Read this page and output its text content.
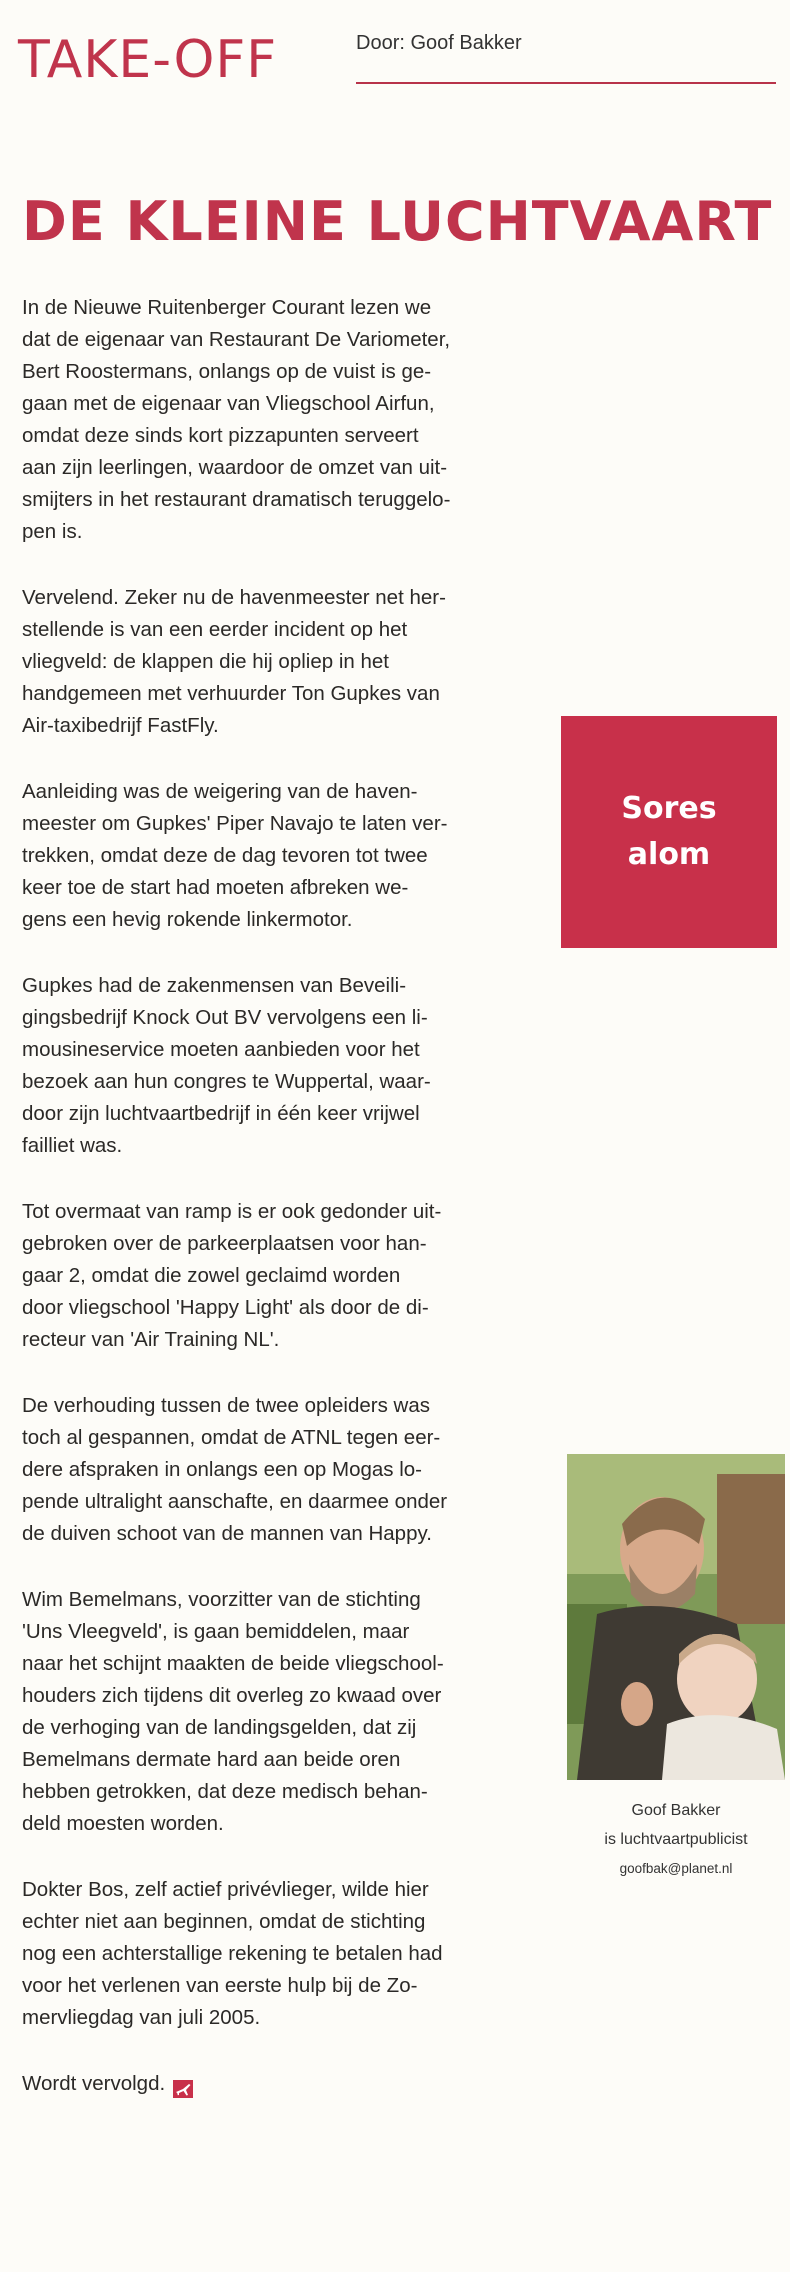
TAKE-OFF	Door: Goof Bakker
DE KLEINE LUCHTVAART

In de Nieuwe Ruitenberger Courant lezen we
dat de eigenaar van Restaurant De Variometer,
Bert Roostermans, onlangs op de vuist is ge-
gaan met de eigenaar van Vliegschool Airfun,
omdat deze sinds kort pizzapunten serveert
aan zijn leerlingen, waardoor de omzet van uit-
smijters in het restaurant dramatisch teruggelo-
pen is.

Vervelend. Zeker nu de havenmeester net her-
stellende is van een eerder incident op het
vliegveld: de klappen die hij opliep in het
handgemeen met verhuurder Ton Gupkes van
Air-taxibedrijf FastFly.

Aanleiding was de weigering van de haven-
meester om Gupkes' Piper Navajo te laten ver-
trekken, omdat deze de dag tevoren tot twee
keer toe de start had moeten afbreken we-
gens een hevig rokende linkermotor.

Gupkes had de zakenmensen van Beveili-
gingsbedrijf Knock Out BV vervolgens een li-
mousineservice moeten aanbieden voor het
bezoek aan hun congres te Wuppertal, waar-
door zijn luchtvaartbedrijf in één keer vrijwel
failliet was.

Tot overmaat van ramp is er ook gedonder uit-
gebroken over de parkeerplaatsen voor han-
gaar 2, omdat die zowel geclaimd worden
door vliegschool 'Happy Light' als door de di-
recteur van 'Air Training NL'.

De verhouding tussen de twee opleiders was
toch al gespannen, omdat de ATNL tegen eer-
dere afspraken in onlangs een op Mogas lo-
pende ultralight aanschafte, en daarmee onder
de duiven schoot van de mannen van Happy.

Wim Bemelmans, voorzitter van de stichting
'Uns Vleegveld', is gaan bemiddelen, maar
naar het schijnt maakten de beide vliegschool-
houders zich tijdens dit overleg zo kwaad over
de verhoging van de landingsgelden, dat zij
Bemelmans dermate hard aan beide oren
hebben getrokken, dat deze medisch behan-
deld moesten worden.

Dokter Bos, zelf actief privévlieger, wilde hier
echter niet aan beginnen, omdat de stichting
nog een achterstallige rekening te betalen had
voor het verlenen van eerste hulp bij de Zo-
mervliegdag van juli 2005.

Wordt vervolgd.

Sores
alom
Goof Bakker
is luchtvaartpublicist
goofbak@planet.nl
